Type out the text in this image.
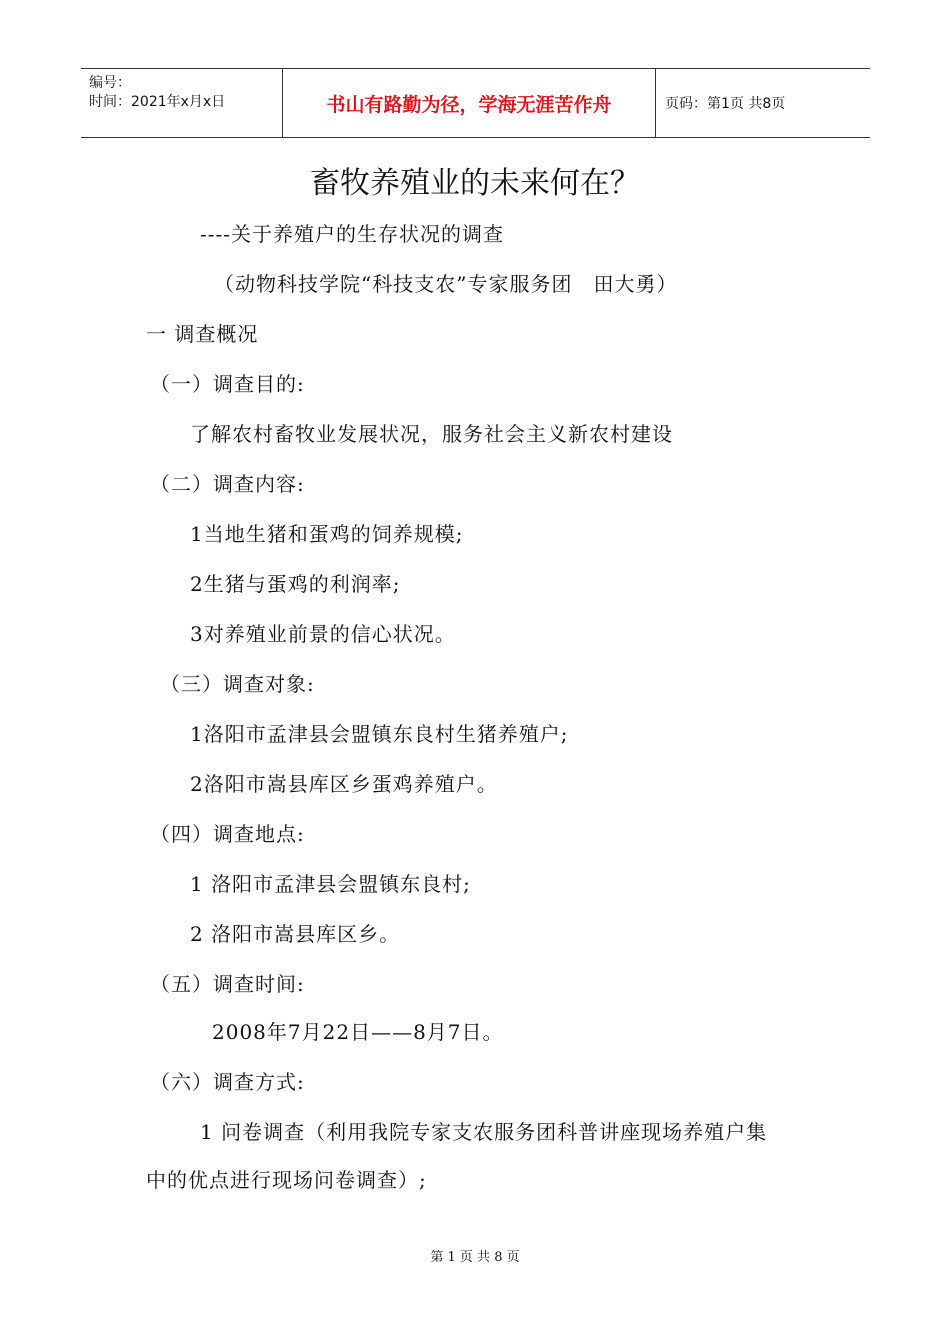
编号：
时间：2021年x月x日	书山有路勤为径，学海无涯苦作舟	页码：第1页 共8页
畜牧养殖业的未来何在？
----关于养殖户的生存状况的调查
（动物科技学院“科技支农”专家服务团　田大勇）
一 调查概况
（一）调查目的:
了解农村畜牧业发展状况，服务社会主义新农村建设
（二）调查内容:
1当地生猪和蛋鸡的饲养规模;
2生猪与蛋鸡的利润率;
3对养殖业前景的信心状况。
（三）调查对象:
1洛阳市孟津县会盟镇东良村生猪养殖户;
2洛阳市嵩县库区乡蛋鸡养殖户。
（四）调查地点:
1 洛阳市孟津县会盟镇东良村;
2 洛阳市嵩县库区乡。
（五）调查时间:
2008年7月22日——8月7日。
（六）调查方式:
1 问卷调查（利用我院专家支农服务团科普讲座现场养殖户集
中的优点进行现场问卷调查）;
第 1 页 共 8 页
